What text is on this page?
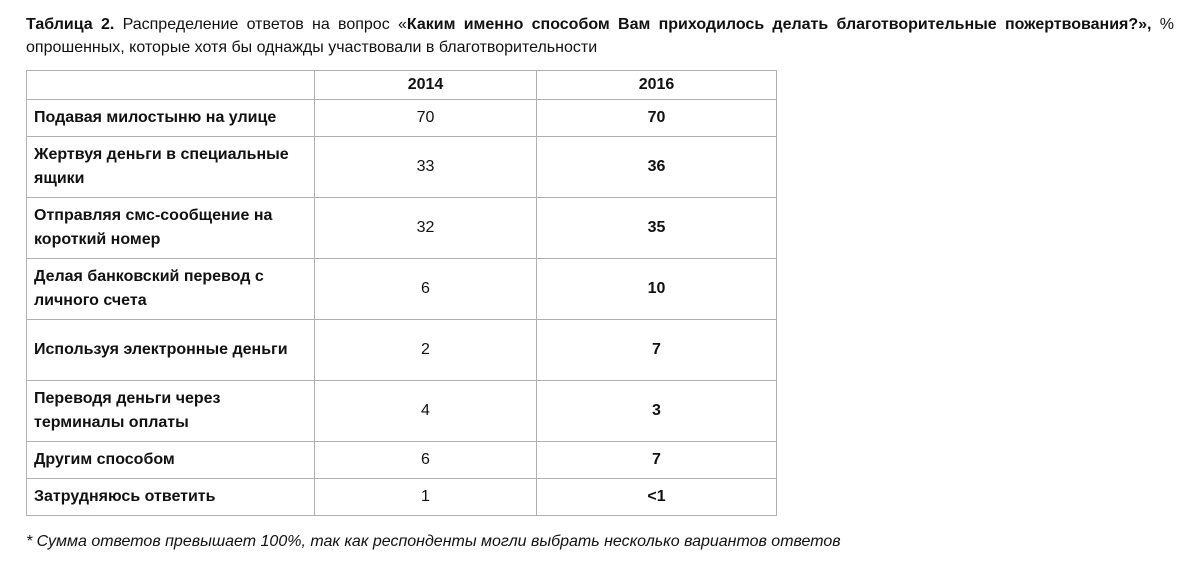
Таблица 2. Распределение ответов на вопрос «Каким именно способом Вам приходилось делать благотворительные пожертвования?», % опрошенных, которые хотя бы однажды участвовали в благотворительности
	2014	2016
Подавая милостыню на улице	70	70
Жертвуя деньги в специальные ящики	33	36
Отправляя смс-сообщение на короткий номер	32	35
Делая банковский перевод с личного счета	6	10
Используя электронные деньги	2	7
Переводя деньги через терминалы оплаты	4	3
Другим способом	6	7
Затрудняюсь ответить	1	<1
* Сумма ответов превышает 100%, так как респонденты могли выбрать несколько вариантов ответов
